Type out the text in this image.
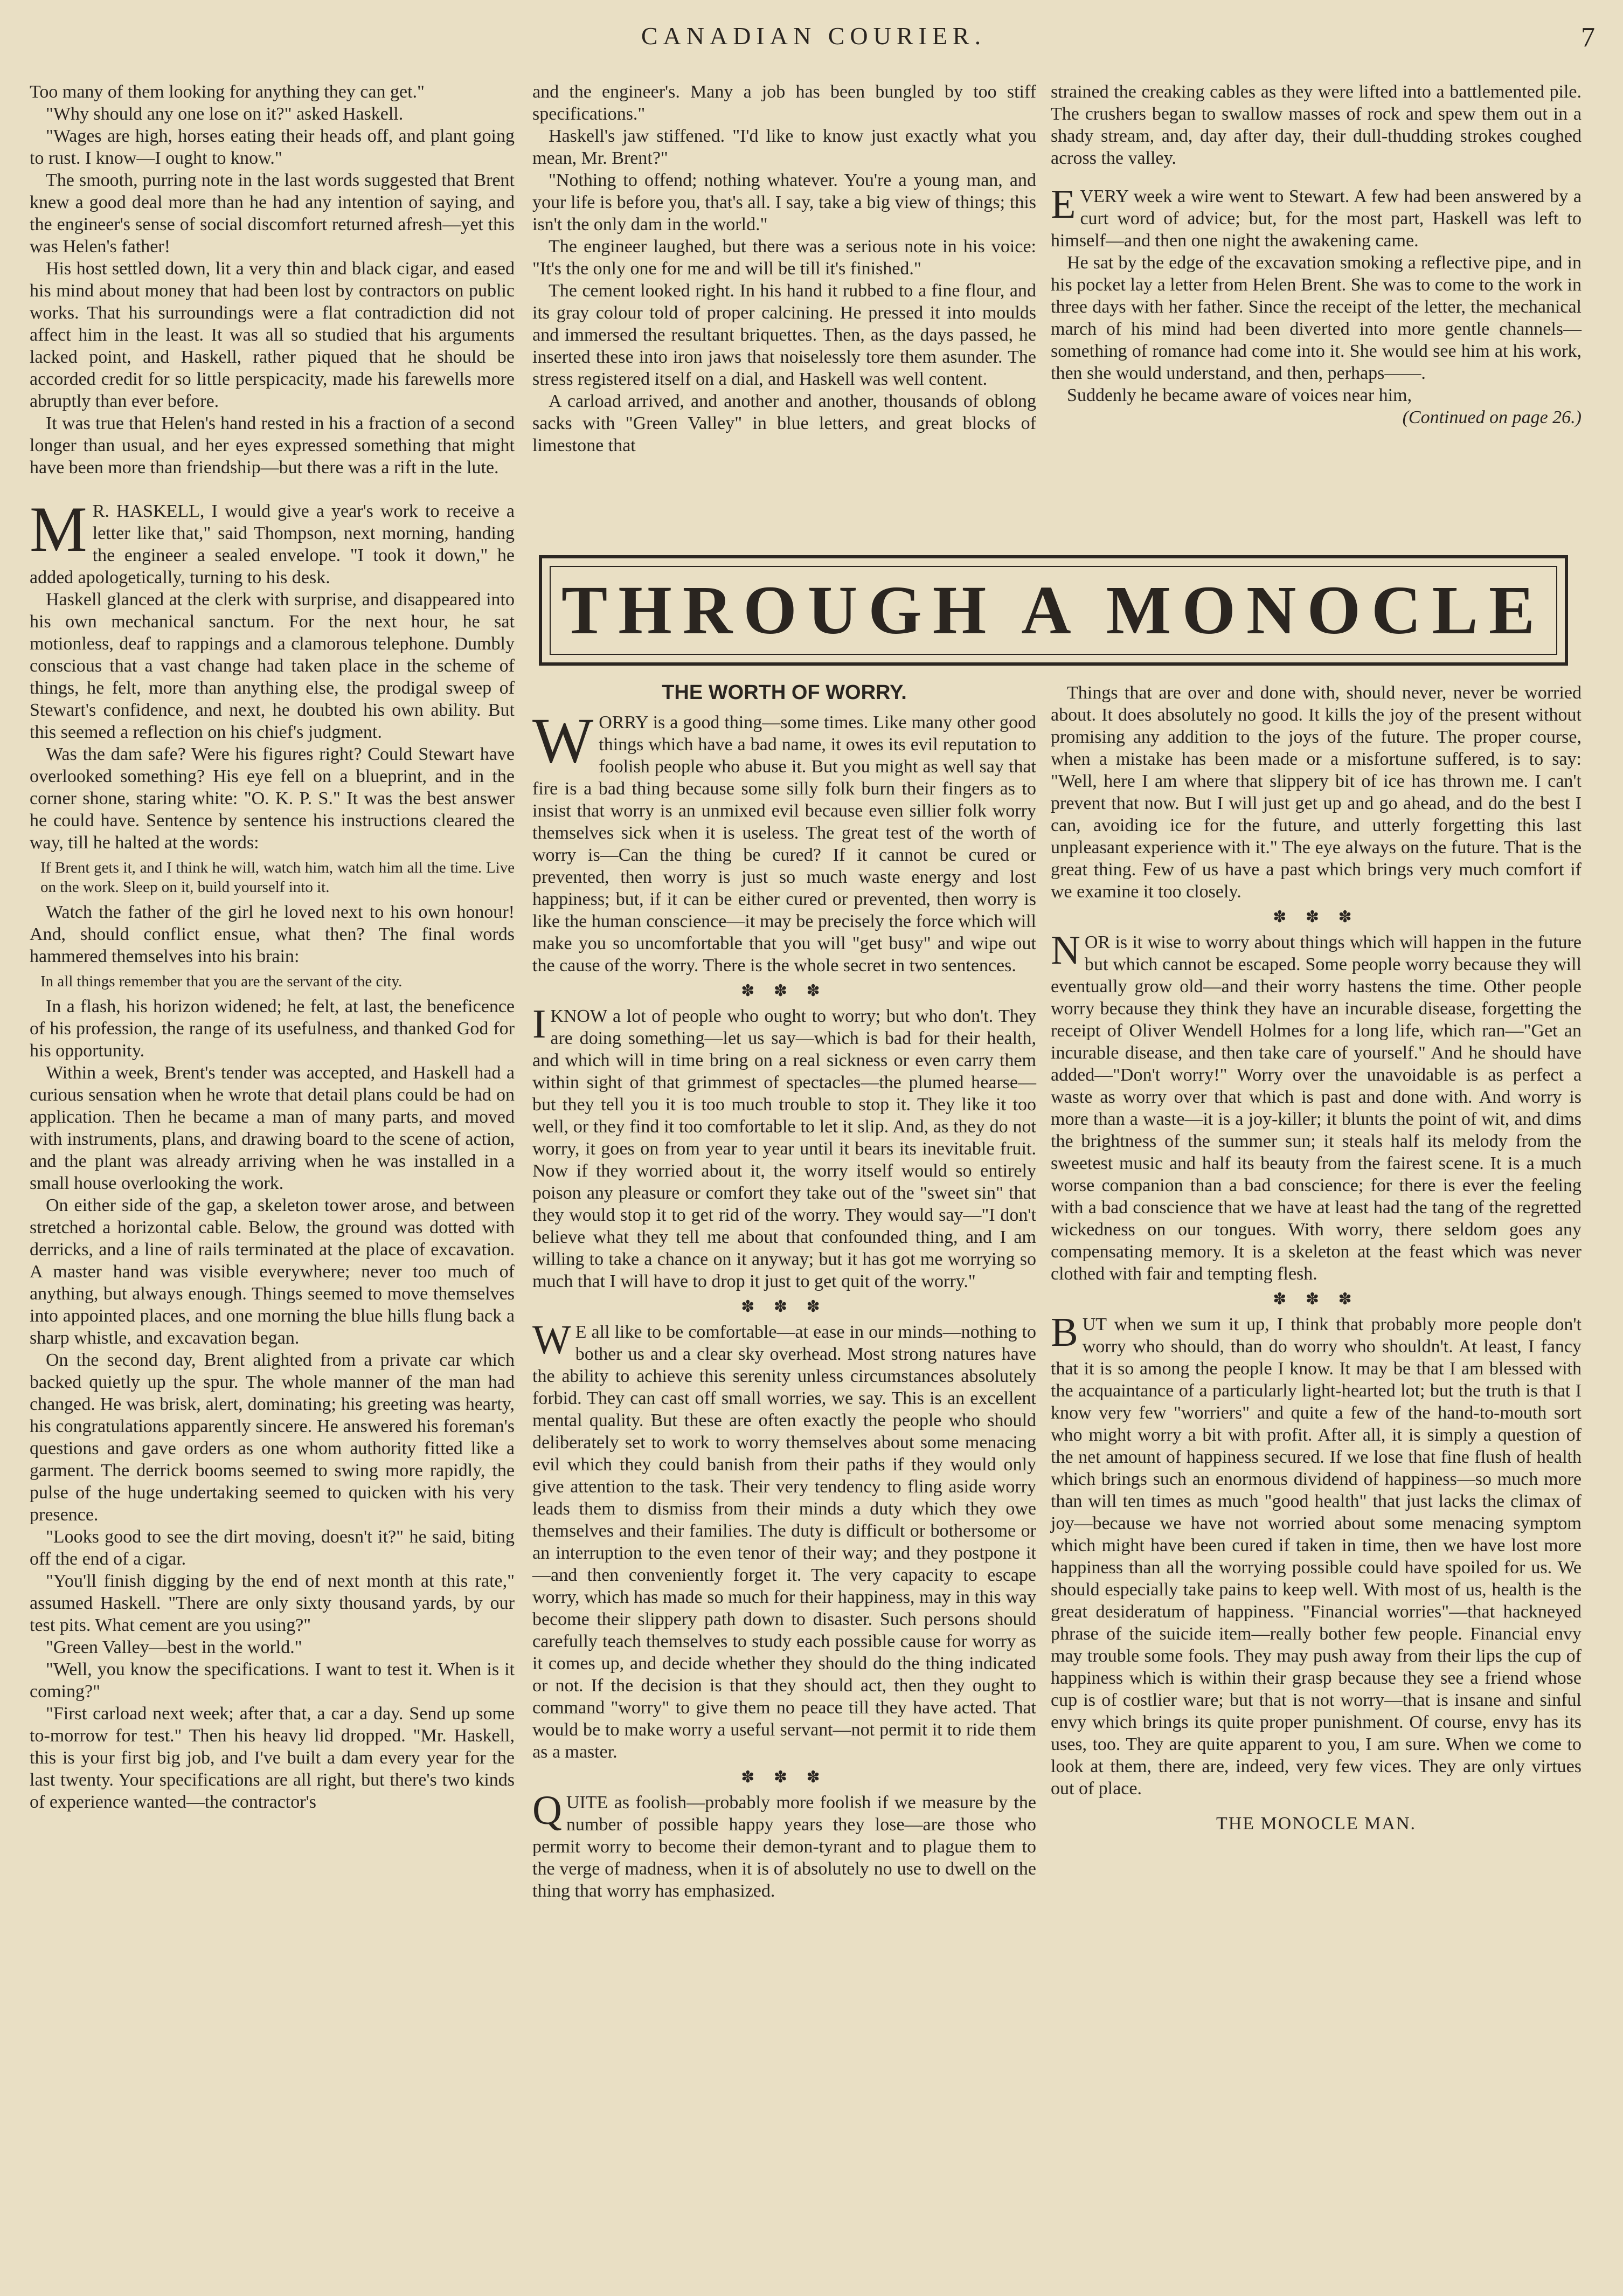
CANADIAN COURIER.	7

Too many of them looking for anything they can get."

"Why should any one lose on it?" asked Haskell.

"Wages are high, horses eating their heads off, and plant going to rust. I know—I ought to know."

The smooth, purring note in the last words suggested that Brent knew a good deal more than he had any intention of saying, and the engineer's sense of social discomfort returned afresh—yet this was Helen's father!

His host settled down, lit a very thin and black cigar, and eased his mind about money that had been lost by contractors on public works. That his surroundings were a flat contradiction did not affect him in the least. It was all so studied that his arguments lacked point, and Haskell, rather piqued that he should be accorded credit for so little perspicacity, made his farewells more abruptly than ever before.

It was true that Helen's hand rested in his a fraction of a second longer than usual, and her eyes expressed something that might have been more than friendship—but there was a rift in the lute.

M R. HASKELL, I would give a year's work to receive a letter like that," said Thompson, next morning, handing the engineer a sealed envelope. "I took it down," he added apologetically, turning to his desk.

Haskell glanced at the clerk with surprise, and disappeared into his own mechanical sanctum. For the next hour, he sat motionless, deaf to rappings and a clamorous telephone. Dumbly conscious that a vast change had taken place in the scheme of things, he felt, more than anything else, the prodigal sweep of Stewart's confidence, and next, he doubted his own ability. But this seemed a reflection on his chief's judgment.

Was the dam safe? Were his figures right? Could Stewart have overlooked something? His eye fell on a blueprint, and in the corner shone, staring white: "O. K. P. S." It was the best answer he could have. Sentence by sentence his instructions cleared the way, till he halted at the words:

If Brent gets it, and I think he will, watch him, watch him all the time. Live on the work. Sleep on it, build yourself into it.

Watch the father of the girl he loved next to his own honour! And, should conflict ensue, what then? The final words hammered themselves into his brain:

In all things remember that you are the servant of the city.

In a flash, his horizon widened; he felt, at last, the beneficence of his profession, the range of its usefulness, and thanked God for his opportunity.

Within a week, Brent's tender was accepted, and Haskell had a curious sensation when he wrote that detail plans could be had on application. Then he became a man of many parts, and moved with instruments, plans, and drawing board to the scene of action, and the plant was already arriving when he was installed in a small house overlooking the work.

On either side of the gap, a skeleton tower arose, and between stretched a horizontal cable. Below, the ground was dotted with derricks, and a line of rails terminated at the place of excavation. A master hand was visible everywhere; never too much of anything, but always enough. Things seemed to move themselves into appointed places, and one morning the blue hills flung back a sharp whistle, and excavation began.

On the second day, Brent alighted from a private car which backed quietly up the spur. The whole manner of the man had changed. He was brisk, alert, dominating; his greeting was hearty, his congratulations apparently sincere. He answered his foreman's questions and gave orders as one whom authority fitted like a garment. The derrick booms seemed to swing more rapidly, the pulse of the huge undertaking seemed to quicken with his very presence.

"Looks good to see the dirt moving, doesn't it?" he said, biting off the end of a cigar.

"You'll finish digging by the end of next month at this rate," assumed Haskell. "There are only sixty thousand yards, by our test pits. What cement are you using?"

"Green Valley—best in the world."

"Well, you know the specifications. I want to test it. When is it coming?"

"First carload next week; after that, a car a day. Send up some to-morrow for test." Then his heavy lid dropped. "Mr. Haskell, this is your first big job, and I've built a dam every year for the last twenty. Your specifications are all right, but there's two kinds of experience wanted—the contractor's

and the engineer's. Many a job has been bungled by too stiff specifications."

Haskell's jaw stiffened. "I'd like to know just exactly what you mean, Mr. Brent?"

"Nothing to offend; nothing whatever. You're a young man, and your life is before you, that's all. I say, take a big view of things; this isn't the only dam in the world."

The engineer laughed, but there was a serious note in his voice: "It's the only one for me and will be till it's finished."

The cement looked right. In his hand it rubbed to a fine flour, and its gray colour told of proper calcining. He pressed it into moulds and immersed the resultant briquettes. Then, as the days passed, he inserted these into iron jaws that noiselessly tore them asunder. The stress registered itself on a dial, and Haskell was well content.

A carload arrived, and another and another, thousands of oblong sacks with "Green Valley" in blue letters, and great blocks of limestone that

strained the creaking cables as they were lifted into a battlemented pile. The crushers began to swallow masses of rock and spew them out in a shady stream, and, day after day, their dull-thudding strokes coughed across the valley.

EVERY week a wire went to Stewart. A few had been answered by a curt word of advice; but, for the most part, Haskell was left to himself—and then one night the awakening came.

He sat by the edge of the excavation smoking a reflective pipe, and in his pocket lay a letter from Helen Brent. She was to come to the work in three days with her father. Since the receipt of the letter, the mechanical march of his mind had been diverted into more gentle channels—something of romance had come into it. She would see him at his work, then she would understand, and then, perhaps——.

Suddenly he became aware of voices near him,

(Continued on page 26.)

THROUGH A MONOCLE
THE WORTH OF WORRY.

WORRY is a good thing—some times. Like many other good things which have a bad name, it owes its evil reputation to foolish people who abuse it. But you might as well say that fire is a bad thing because some silly folk burn their fingers as to insist that worry is an unmixed evil because even sillier folk worry themselves sick when it is useless. The great test of the worth of worry is—Can the thing be cured? If it cannot be cured or prevented, then worry is just so much waste energy and lost happiness; but, if it can be either cured or prevented, then worry is like the human conscience—it may be precisely the force which will make you so uncomfortable that you will "get busy" and wipe out the cause of the worry. There is the whole secret in two sentences.

✽ ✽ ✽

IKNOW a lot of people who ought to worry; but who don't. They are doing something—let us say—which is bad for their health, and which will in time bring on a real sickness or even carry them within sight of that grimmest of spectacles—the plumed hearse—but they tell you it is too much trouble to stop it. They like it too well, or they find it too comfortable to let it slip. And, as they do not worry, it goes on from year to year until it bears its inevitable fruit. Now if they worried about it, the worry itself would so entirely poison any pleasure or comfort they take out of the "sweet sin" that they would stop it to get rid of the worry. They would say—"I don't believe what they tell me about that confounded thing, and I am willing to take a chance on it anyway; but it has got me worrying so much that I will have to drop it just to get quit of the worry."

✽ ✽ ✽

W E all like to be comfortable—at ease in our minds—nothing to bother us and a clear sky overhead. Most strong natures have the ability to achieve this serenity unless circumstances absolutely forbid. They can cast off small worries, we say. This is an excellent mental quality. But these are often exactly the people who should deliberately set to work to worry themselves about some menacing evil which they could banish from their paths if they would only give attention to the task. Their very tendency to fling aside worry leads them to dismiss from their minds a duty which they owe themselves and their families. The duty is difficult or bothersome or an interruption to the even tenor of their way; and they postpone it—and then conveniently forget it. The very capacity to escape worry, which has made so much for their happiness, may in this way become their slippery path down to disaster. Such persons should carefully teach themselves to study each possible cause for worry as it comes up, and decide whether they should do the thing indicated or not. If the decision is that they should act, then they ought to command "worry" to give them no peace till they have acted. That would be to make worry a useful servant—not permit it to ride them as a master.

✽ ✽ ✽

QUITE as foolish—probably more foolish if we measure by the number of possible happy years they lose—are those who permit worry to become their demon-tyrant and to plague them to the verge of madness, when it is of absolutely no use to dwell on the thing that worry has emphasized.

Things that are over and done with, should never, never be worried about. It does absolutely no good. It kills the joy of the present without promising any addition to the joys of the future. The proper course, when a mistake has been made or a misfortune suffered, is to say: "Well, here I am where that slippery bit of ice has thrown me. I can't prevent that now. But I will just get up and go ahead, and do the best I can, avoiding ice for the future, and utterly forgetting this last unpleasant experience with it." The eye always on the future. That is the great thing. Few of us have a past which brings very much comfort if we examine it too closely.

✽ ✽ ✽

NOR is it wise to worry about things which will happen in the future but which cannot be escaped. Some people worry because they will eventually grow old—and their worry hastens the time. Other people worry because they think they have an incurable disease, forgetting the receipt of Oliver Wendell Holmes for a long life, which ran—"Get an incurable disease, and then take care of yourself." And he should have added—"Don't worry!" Worry over the unavoidable is as perfect a waste as worry over that which is past and done with. And worry is more than a waste—it is a joy-killer; it blunts the point of wit, and dims the brightness of the summer sun; it steals half its melody from the sweetest music and half its beauty from the fairest scene. It is a much worse companion than a bad conscience; for there is ever the feeling with a bad conscience that we have at least had the tang of the regretted wickedness on our tongues. With worry, there seldom goes any compensating memory. It is a skeleton at the feast which was never clothed with fair and tempting flesh.

✽ ✽ ✽

BUT when we sum it up, I think that probably more people don't worry who should, than do worry who shouldn't. At least, I fancy that it is so among the people I know. It may be that I am blessed with the acquaintance of a particularly light-hearted lot; but the truth is that I know very few "worriers" and quite a few of the hand-to-mouth sort who might worry a bit with profit. After all, it is simply a question of the net amount of happiness secured. If we lose that fine flush of health which brings such an enormous dividend of happiness—so much more than will ten times as much "good health" that just lacks the climax of joy—because we have not worried about some menacing symptom which might have been cured if taken in time, then we have lost more happiness than all the worrying possible could have spoiled for us. We should especially take pains to keep well. With most of us, health is the great desideratum of happiness. "Financial worries"—that hackneyed phrase of the suicide item—really bother few people. Financial envy may trouble some fools. They may push away from their lips the cup of happiness which is within their grasp because they see a friend whose cup is of costlier ware; but that is not worry—that is insane and sinful envy which brings its quite proper punishment. Of course, envy has its uses, too. They are quite apparent to you, I am sure. When we come to look at them, there are, indeed, very few vices. They are only virtues out of place.

THE MONOCLE MAN.
